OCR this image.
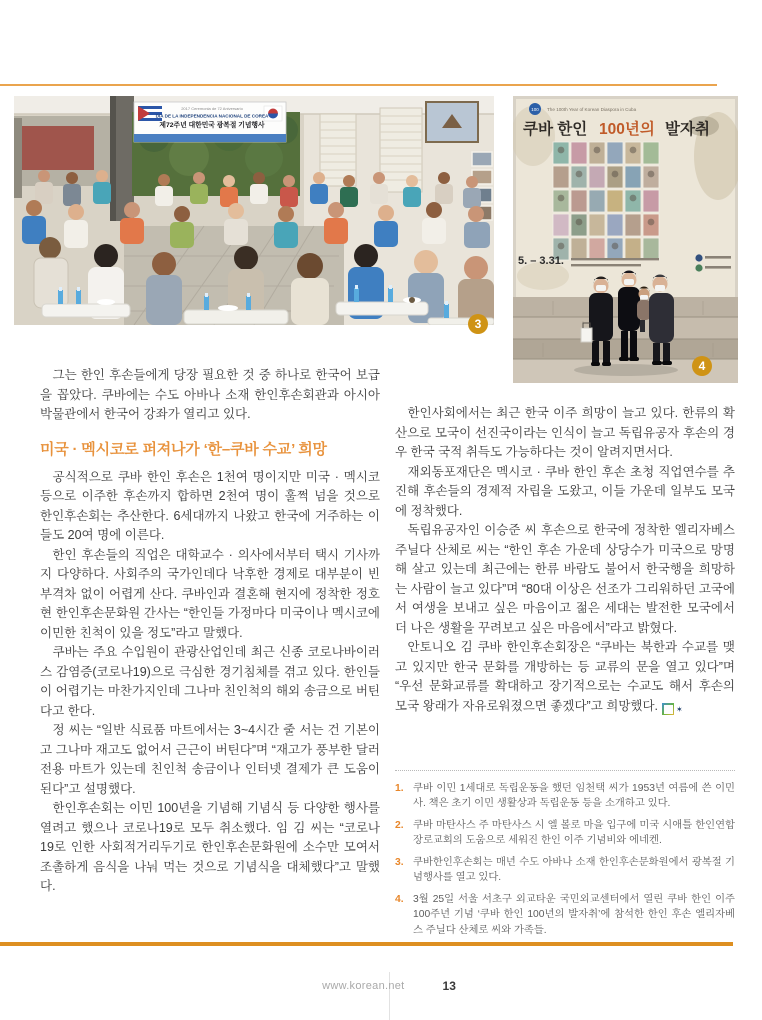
2017 Ceremonia de 72 Aniversario
DIA DE LA INDEPENDENCIA NACIONAL DE COREA
제72주년 대한민국 광복절 기념행사
3
100 The 100th Year of Korean Diaspora in Cuba
쿠바 한인 100년의 발자취
5. – 3.31.
4

그는 한인 후손들에게 당장 필요한 것 중 하나로 한국어 보급을 꼽았다. 쿠바에는 수도 아바나 소재 한인후손회관과 아시아 박물관에서 한국어 강좌가 열리고 있다.

미국 · 멕시코로 퍼져나가 ‘한–쿠바 수교’ 희망

공식적으로 쿠바 한인 후손은 1천여 명이지만 미국 · 멕시코 등으로 이주한 후손까지 합하면 2천여 명이 훌쩍 넘을 것으로 한인후손회는 추산한다. 6세대까지 나왔고 한국에 거주하는 이들도 20여 명에 이른다.

한인 후손들의 직업은 대학교수 · 의사에서부터 택시 기사까지 다양하다. 사회주의 국가인데다 낙후한 경제로 대부분이 빈부격차 없이 어렵게 산다. 쿠바인과 결혼해 현지에 정착한 정호현 한인후손문화원 간사는 “한인들 가정마다 미국이나 멕시코에 이민한 친척이 있을 정도”라고 말했다.

쿠바는 주요 수입원이 관광산업인데 최근 신종 코로나바이러스 감염증(코로나19)으로 극심한 경기침체를 겪고 있다. 한인들이 어렵기는 마찬가지인데 그나마 친인척의 해외 송금으로 버틴다고 한다.

정 씨는 “일반 식료품 마트에서는 3~4시간 줄 서는 건 기본이고 그나마 재고도 없어서 근근이 버틴다”며 “재고가 풍부한 달러 전용 마트가 있는데 친인척 송금이나 인터넷 결제가 큰 도움이 된다”고 설명했다.

한인후손회는 이민 100년을 기념해 기념식 등 다양한 행사를 열려고 했으나 코로나19로 모두 취소했다. 임 김 씨는 “코로나19로 인한 사회적거리두기로 한인후손문화원에 소수만 모여서 조촐하게 음식을 나눠 먹는 것으로 기념식을 대체했다”고 말했다.

한인사회에서는 최근 한국 이주 희망이 늘고 있다. 한류의 확산으로 모국이 선진국이라는 인식이 늘고 독립유공자 후손의 경우 한국 국적 취득도 가능하다는 것이 알려지면서다.

재외동포재단은 멕시코 · 쿠바 한인 후손 초청 직업연수를 추진해 후손들의 경제적 자립을 도왔고, 이들 가운데 일부도 모국에 정착했다.

독립유공자인 이승준 씨 후손으로 한국에 정착한 엘리자베스 주닐다 산체로 씨는 “한인 후손 가운데 상당수가 미국으로 망명해 살고 있는데 최근에는 한류 바람도 불어서 한국행을 희망하는 사람이 늘고 있다”며 “80대 이상은 선조가 그리워하던 고국에서 여생을 보내고 싶은 마음이고 젊은 세대는 발전한 모국에서 더 나은 생활을 꾸려보고 싶은 마음에서”라고 밝혔다.

안토니오 김 쿠바 한인후손회장은 “쿠바는 북한과 수교를 맺고 있지만 한국 문화를 개방하는 등 교류의 문을 열고 있다”며 “우선 문화교류를 확대하고 장기적으로는 수교도 해서 후손의 모국 왕래가 자유로워졌으면 좋겠다”고 희망했다.	✶

1. 쿠바 이민 1세대로 독립운동을 했던 임천택 씨가 1953년 여름에 쓴 이민사. 책은 초기 이민 생활상과 독립운동 등을 소개하고 있다.
2. 쿠바 마탄사스 주 마탄사스 시 엘 볼로 마을 입구에 미국 시애틀 한인연합장로교회의 도움으로 세워진 한인 이주 기념비와 에네켄.
3. 쿠바한인후손회는 매년 수도 아바나 소재 한인후손문화원에서 광복절 기념행사를 열고 있다.
4. 3월 25일 서울 서초구 외교타운 국민외교센터에서 열린 쿠바 한인 이주 100주년 기념 ‘쿠바 한인 100년의 발자취’에 참석한 한인 후손 엘리자베스 주닐다 산체로 씨와 가족들.
www.korean.net	13
